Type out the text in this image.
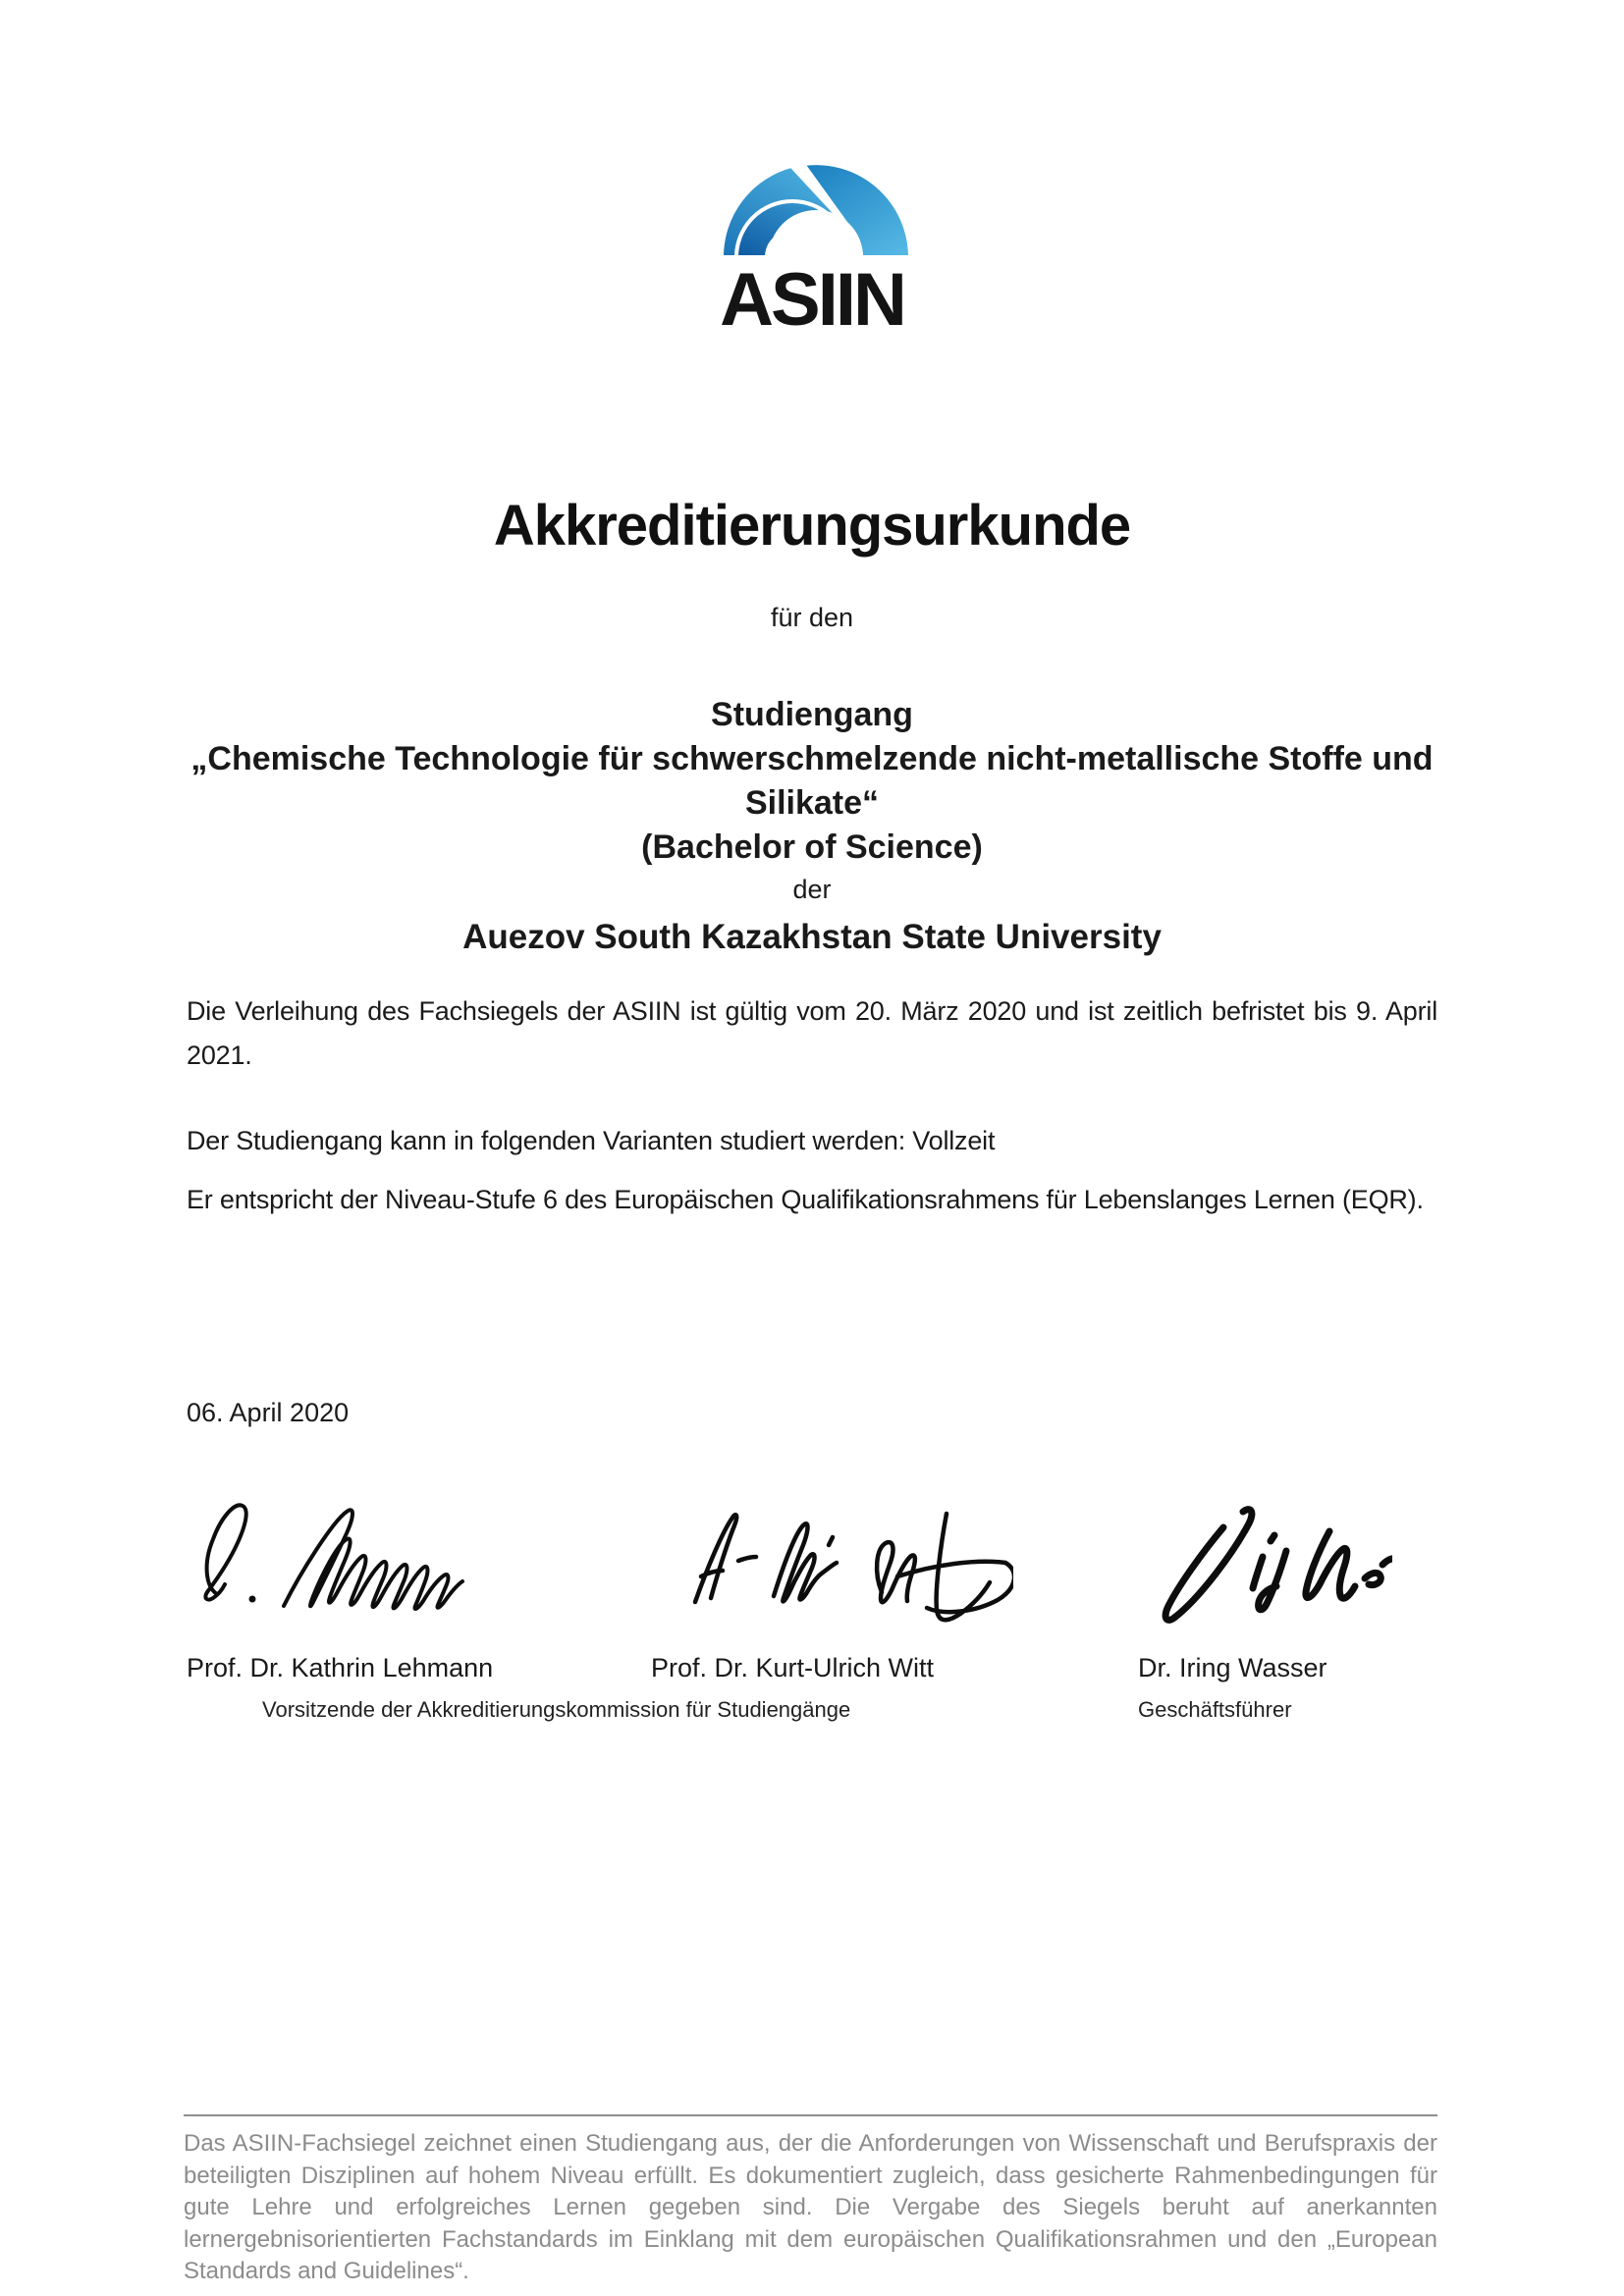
ASIIN
Akkreditierungsurkunde
für den
Studiengang
„Chemische Technologie für schwerschmelzende nicht-metallische Stoffe und Silikate“
(Bachelor of Science)
der
Auezov South Kazakhstan State University
Die Verleihung des Fachsiegels der ASIIN ist gültig vom 20. März 2020 und ist zeitlich befristet bis 9. April 2021.
Der Studiengang kann in folgenden Varianten studiert werden: Vollzeit
Er entspricht der Niveau-Stufe 6 des Europäischen Qualifikationsrahmens für Lebenslanges Lernen (EQR).
06. April 2020
Prof. Dr. Kathrin Lehmann	Prof. Dr. Kurt-Ulrich Witt	Dr. Iring Wasser
Vorsitzende der Akkreditierungskommission für Studiengänge	Geschäftsführer
Das ASIIN-Fachsiegel zeichnet einen Studiengang aus, der die Anforderungen von Wissenschaft und Berufspraxis der beteiligten Disziplinen auf hohem Niveau erfüllt. Es dokumentiert zugleich, dass gesicherte Rahmenbedingungen für gute Lehre und erfolgreiches Lernen gegeben sind. Die Vergabe des Siegels beruht auf anerkannten lernergebnisorientierten Fachstandards im Einklang mit dem europäischen Qualifikationsrahmen und den „European Standards and Guidelines“.
